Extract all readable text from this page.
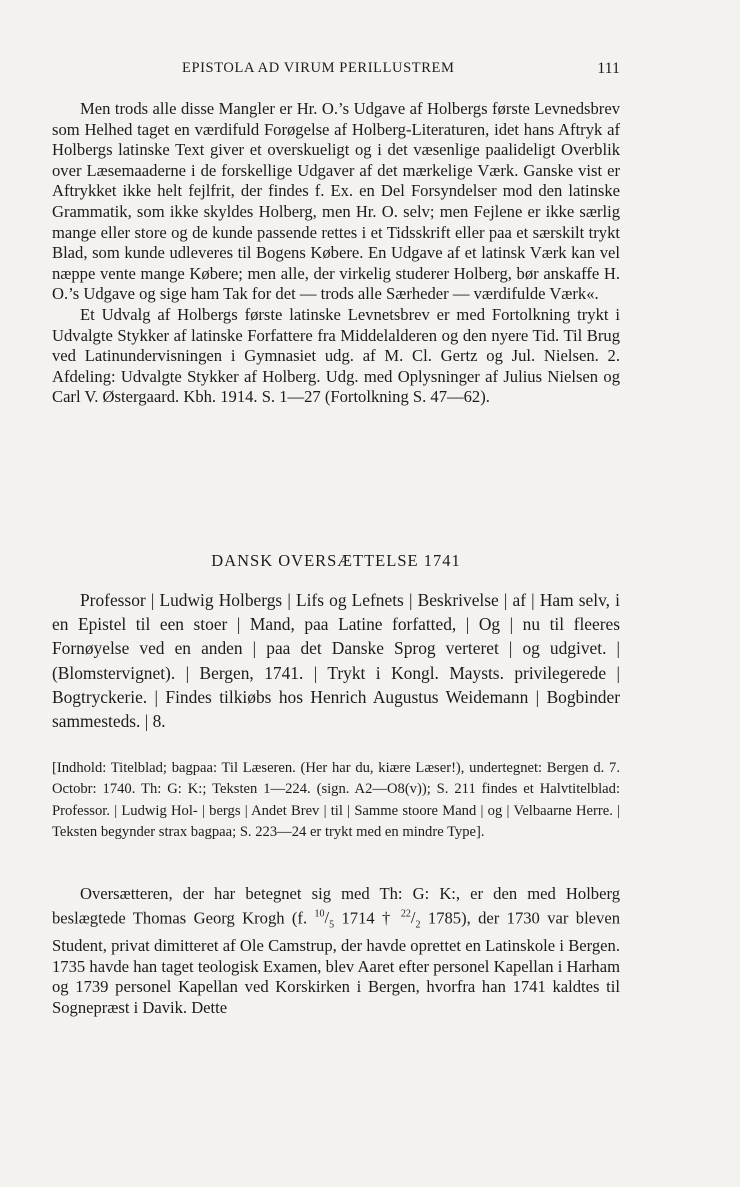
EPISTOLA AD VIRUM PERILLUSTREM	111

Men trods alle disse Mangler er Hr. O.’s Udgave af Holbergs første Levnedsbrev som Helhed taget en værdifuld Forøgelse af Holberg-Literaturen, idet hans Aftryk af Holbergs latinske Text giver et overskueligt og i det væsenlige paalideligt Overblik over Læsemaaderne i de forskellige Udgaver af det mærkelige Værk. Ganske vist er Aftrykket ikke helt fejlfrit, der findes f. Ex. en Del Forsyndelser mod den latinske Grammatik, som ikke skyldes Holberg, men Hr. O. selv; men Fejlene er ikke særlig mange eller store og de kunde passende rettes i et Tidsskrift eller paa et særskilt trykt Blad, som kunde udleveres til Bogens Købere. En Udgave af et latinsk Værk kan vel næppe vente mange Købere; men alle, der virkelig studerer Holberg, bør anskaffe H. O.’s Udgave og sige ham Tak for det — trods alle Særheder — værdifulde Værk«.

Et Udvalg af Holbergs første latinske Levnetsbrev er med Fortolkning trykt i Udvalgte Stykker af latinske Forfattere fra Middelalderen og den nyere Tid. Til Brug ved Latinundervisningen i Gymnasiet udg. af M. Cl. Gertz og Jul. Nielsen. 2. Afdeling: Udvalgte Stykker af Holberg. Udg. med Oplysninger af Julius Nielsen og Carl V. Østergaard. Kbh. 1914. S. 1—27 (Fortolkning S. 47—62).

DANSK OVERSÆTTELSE 1741

Professor | Ludwig Holbergs | Lifs og Lefnets | Beskrivelse | af | Ham selv, i en Epistel til een stoer | Mand, paa Latine forfatted, | Og | nu til fleeres Fornøyelse ved en anden | paa det Danske Sprog verteret | og udgivet. | (Blomstervignet). | Bergen, 1741. | Trykt i Kongl. Maysts. privilegerede | Bogtryckerie. | Findes tilkiøbs hos Henrich Augustus Weidemann | Bogbinder sammesteds. | 8.

[Indhold: Titelblad; bagpaa: Til Læseren. (Her har du, kiære Læser!), undertegnet: Bergen d. 7. Octobr: 1740. Th: G: K:; Teksten 1—224. (sign. A2—O8(v)); S. 211 findes et Halvtitelblad: Professor. | Ludwig Hol- | bergs | Andet Brev | til | Samme stoore Mand | og | Velbaarne Herre. | Teksten begynder strax bagpaa; S. 223—24 er trykt med en mindre Type].

Oversætteren, der har betegnet sig med Th: G: K:, er den med Holberg beslægtede Thomas Georg Krogh (f. $^{10}/_5$ 1714 † $^{22}/_2$ 1785), der 1730 var bleven Student, privat dimitteret af Ole Camstrup, der havde oprettet en Latinskole i Bergen. 1735 havde han taget teologisk Examen, blev Aaret efter personel Kapellan i Harham og 1739 personel Kapellan ved Korskirken i Bergen, hvorfra han 1741 kaldtes til Sognepræst i Davik. Dette
